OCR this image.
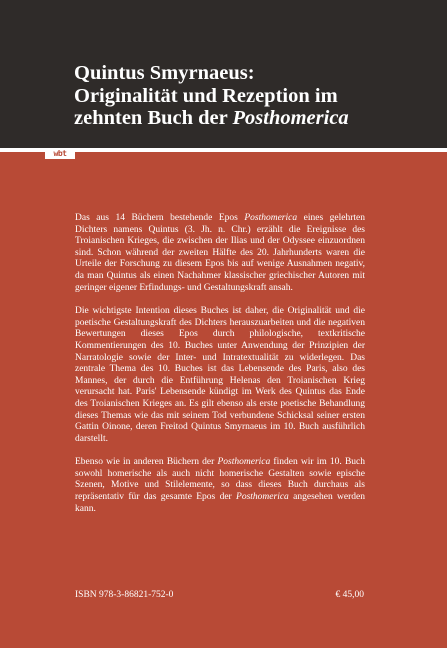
Quintus Smyrnaeus:
Originalität und Rezeption im
zehnten Buch der Posthomerica
wbt

Das aus 14 Büchern bestehende Epos Posthomerica eines gelehrten Dichters namens Quintus (3. Jh. n. Chr.) erzählt die Ereignisse des Troianischen Krieges, die zwischen der Ilias und der Odyssee einzuordnen sind. Schon während der zweiten Hälfte des 20. Jahrhunderts waren die Urteile der Forschung zu diesem Epos bis auf wenige Ausnahmen negativ, da man Quintus als einen Nachahmer klassischer griechischer Autoren mit geringer eigener Erfindungs- und Gestaltungskraft ansah.

Die wichtigste Intention dieses Buches ist daher, die Originalität und die poetische Gestaltungskraft des Dichters herauszuarbeiten und die negativen Bewertungen dieses Epos durch philologische, textkritische Kommentierungen des 10. Buches unter Anwendung der Prinzipien der Narratologie sowie der Inter- und Intratextualität zu widerlegen. Das zentrale Thema des 10. Buches ist das Lebensende des Paris, also des Mannes, der durch die Entführung Helenas den Troianischen Krieg verursacht hat. Paris' Lebensende kündigt im Werk des Quintus das Ende des Troianischen Krieges an. Es gilt ebenso als erste poetische Behandlung dieses Themas wie das mit seinem Tod verbundene Schicksal seiner ersten Gattin Oinone, deren Freitod Quintus Smyrnaeus im 10. Buch ausführlich darstellt.

Ebenso wie in anderen Büchern der Posthomerica finden wir im 10. Buch sowohl homerische als auch nicht homerische Gestalten sowie epische Szenen, Motive und Stilelemente, so dass dieses Buch durchaus als repräsentativ für das gesamte Epos der Posthomerica angesehen werden kann.

ISBN 978-3-86821-752-0	€ 45,00
